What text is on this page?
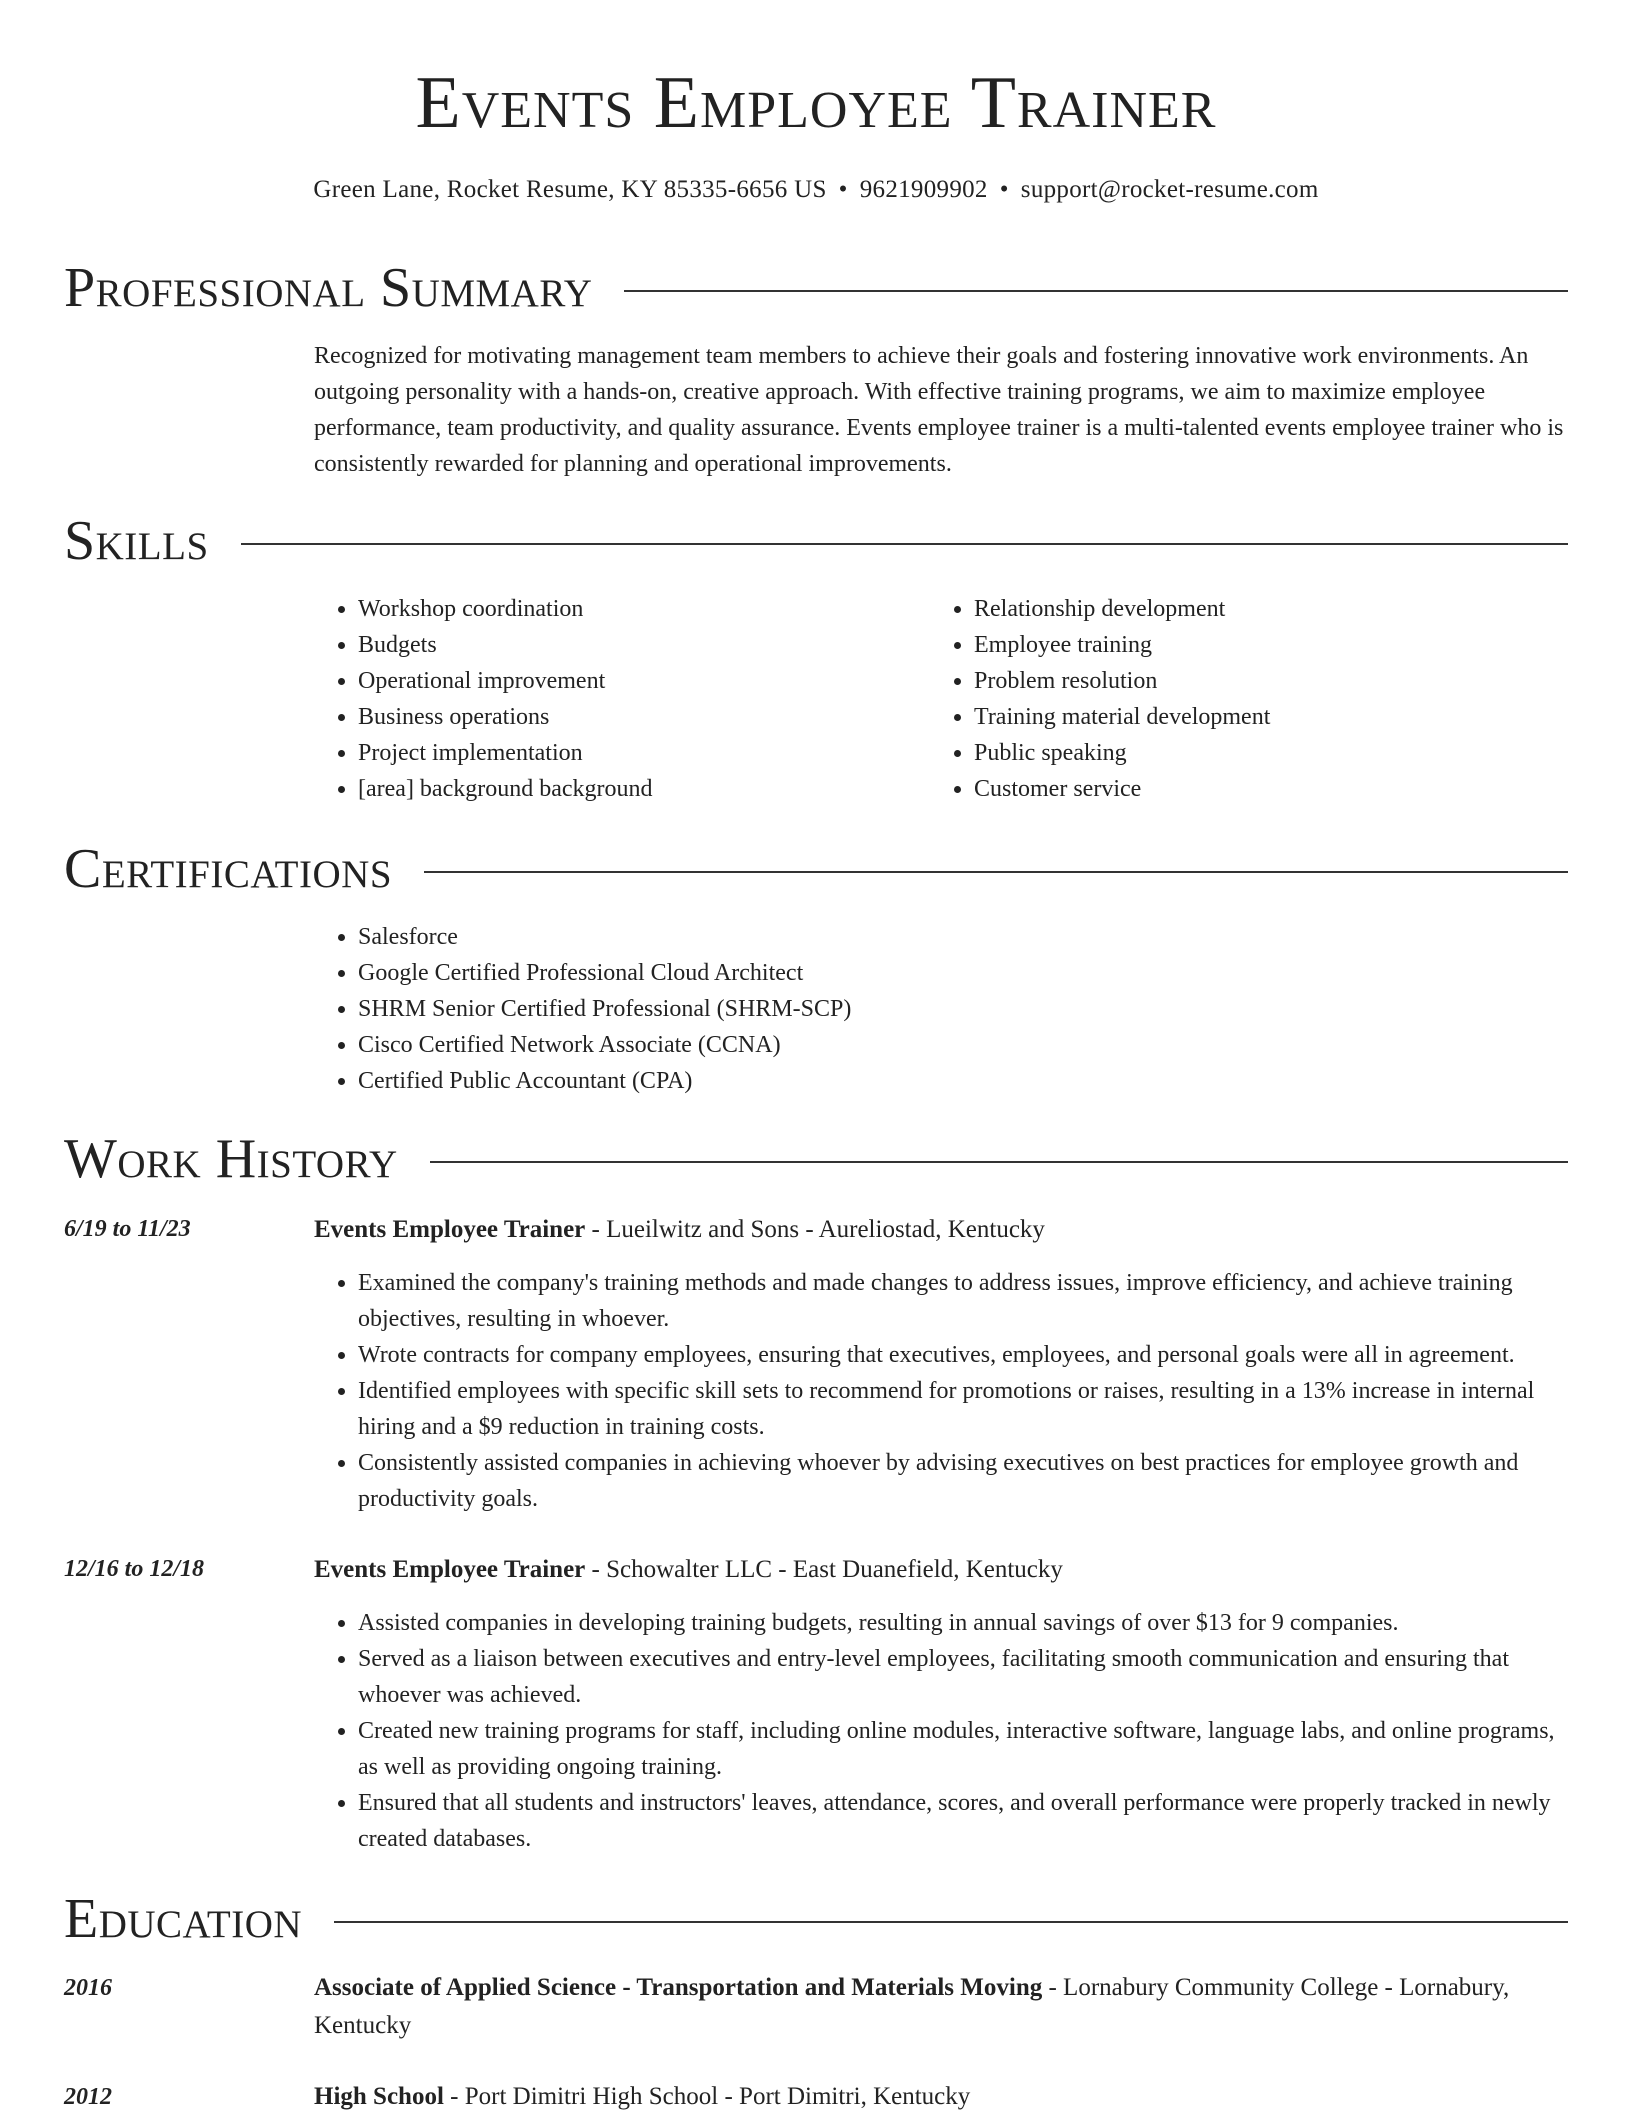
Events Employee Trainer
Green Lane, Rocket Resume, KY 85335-6656 US • 9621909902 • support@rocket-resume.com
Professional Summary
Recognized for motivating management team members to achieve their goals and fostering innovative work environments. An outgoing personality with a hands-on, creative approach. With effective training programs, we aim to maximize employee performance, team productivity, and quality assurance. Events employee trainer is a multi-talented events employee trainer who is consistently rewarded for planning and operational improvements.
Skills
• Workshop coordination
• Budgets
• Operational improvement
• Business operations
• Project implementation
• [area] background background
• Relationship development
• Employee training
• Problem resolution
• Training material development
• Public speaking
• Customer service
Certifications
• Salesforce
• Google Certified Professional Cloud Architect
• SHRM Senior Certified Professional (SHRM-SCP)
• Cisco Certified Network Associate (CCNA)
• Certified Public Accountant (CPA)
Work History
6/19 to 11/23	Events Employee Trainer - Lueilwitz and Sons - Aureliostad, Kentucky
• Examined the company's training methods and made changes to address issues, improve efficiency, and achieve training objectives, resulting in whoever.
• Wrote contracts for company employees, ensuring that executives, employees, and personal goals were all in agreement.
• Identified employees with specific skill sets to recommend for promotions or raises, resulting in a 13% increase in internal hiring and a $9 reduction in training costs.
• Consistently assisted companies in achieving whoever by advising executives on best practices for employee growth and productivity goals.
12/16 to 12/18	Events Employee Trainer - Schowalter LLC - East Duanefield, Kentucky
• Assisted companies in developing training budgets, resulting in annual savings of over $13 for 9 companies.
• Served as a liaison between executives and entry-level employees, facilitating smooth communication and ensuring that whoever was achieved.
• Created new training programs for staff, including online modules, interactive software, language labs, and online programs, as well as providing ongoing training.
• Ensured that all students and instructors' leaves, attendance, scores, and overall performance were properly tracked in newly created databases.
Education
2016	Associate of Applied Science - Transportation and Materials Moving - Lornabury Community College - Lornabury, Kentucky
2012	High School - Port Dimitri High School - Port Dimitri, Kentucky
